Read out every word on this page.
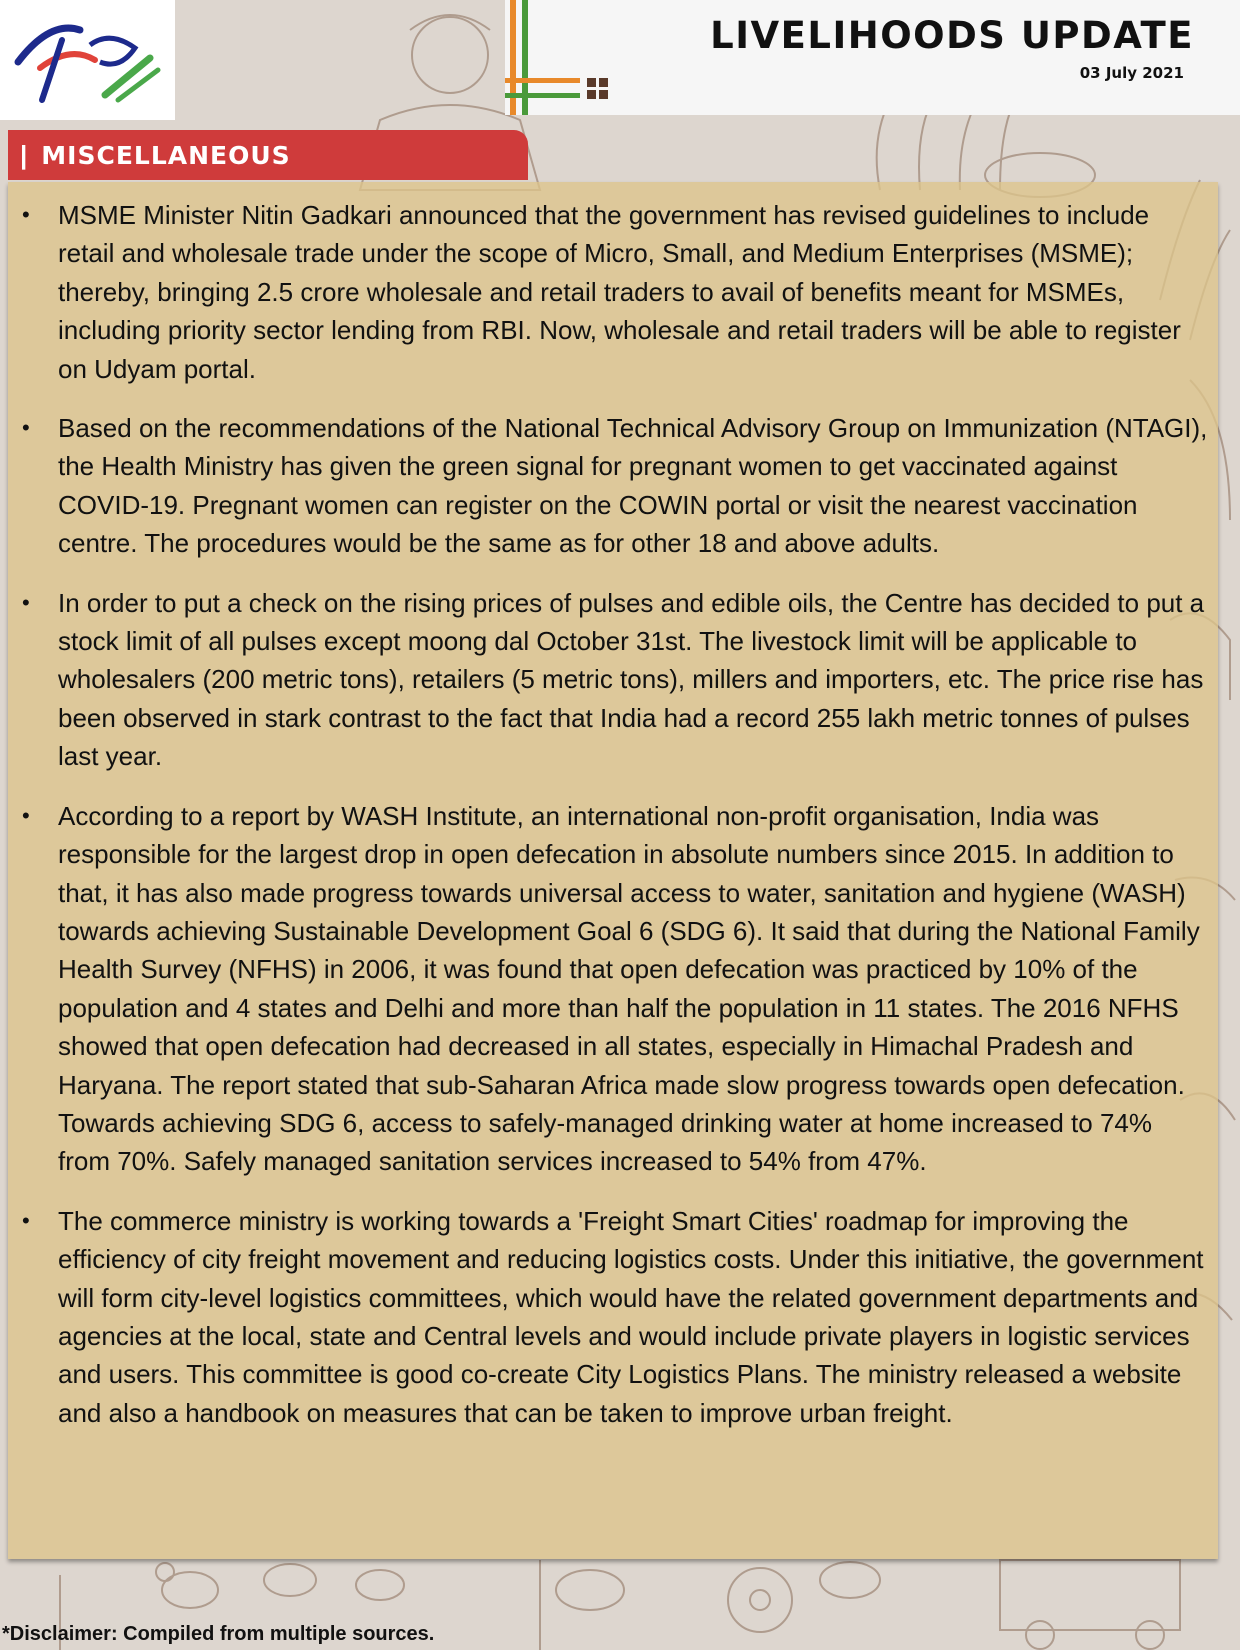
LIVELIHOODS UPDATE

03 July 2021

| MISCELLANEOUS
• MSME Minister Nitin Gadkari announced that the government has revised guidelines to include retail and wholesale trade under the scope of Micro, Small, and Medium Enterprises (MSME); thereby, bringing 2.5 crore wholesale and retail traders to avail of benefits meant for MSMEs, including priority sector lending from RBI. Now, wholesale and retail traders will be able to register on Udyam portal.
• Based on the recommendations of the National Technical Advisory Group on Immunization (NTAGI), the Health Ministry has given the green signal for pregnant women to get vaccinated against COVID-19. Pregnant women can register on the COWIN portal or visit the nearest vaccination centre. The procedures would be the same as for other 18 and above adults.
• In order to put a check on the rising prices of pulses and edible oils, the Centre has decided to put a stock limit of all pulses except moong dal October 31st. The livestock limit will be applicable to wholesalers (200 metric tons), retailers (5 metric tons), millers and importers, etc. The price rise has been observed in stark contrast to the fact that India had a record 255 lakh metric tonnes of pulses last year.
• According to a report by WASH Institute, an international non-profit organisation, India was responsible for the largest drop in open defecation in absolute numbers since 2015. In addition to that, it has also made progress towards universal access to water, sanitation and hygiene (WASH) towards achieving Sustainable Development Goal 6 (SDG 6). It said that during the National Family Health Survey (NFHS) in 2006, it was found that open defecation was practiced by 10% of the population and 4 states and Delhi and more than half the population in 11 states. The 2016 NFHS showed that open defecation had decreased in all states, especially in Himachal Pradesh and Haryana. The report stated that sub-Saharan Africa made slow progress towards open defecation. Towards achieving SDG 6, access to safely-managed drinking water at home increased to 74% from 70%. Safely managed sanitation services increased to 54% from 47%.
• The commerce ministry is working towards a 'Freight Smart Cities' roadmap for improving the efficiency of city freight movement and reducing logistics costs. Under this initiative, the government will form city-level logistics committees, which would have the related government departments and agencies at the local, state and Central levels and would include private players in logistic services and users. This committee is good co-create City Logistics Plans. The ministry released a website and also a handbook on measures that can be taken to improve urban freight.

*Disclaimer: Compiled from multiple sources.
